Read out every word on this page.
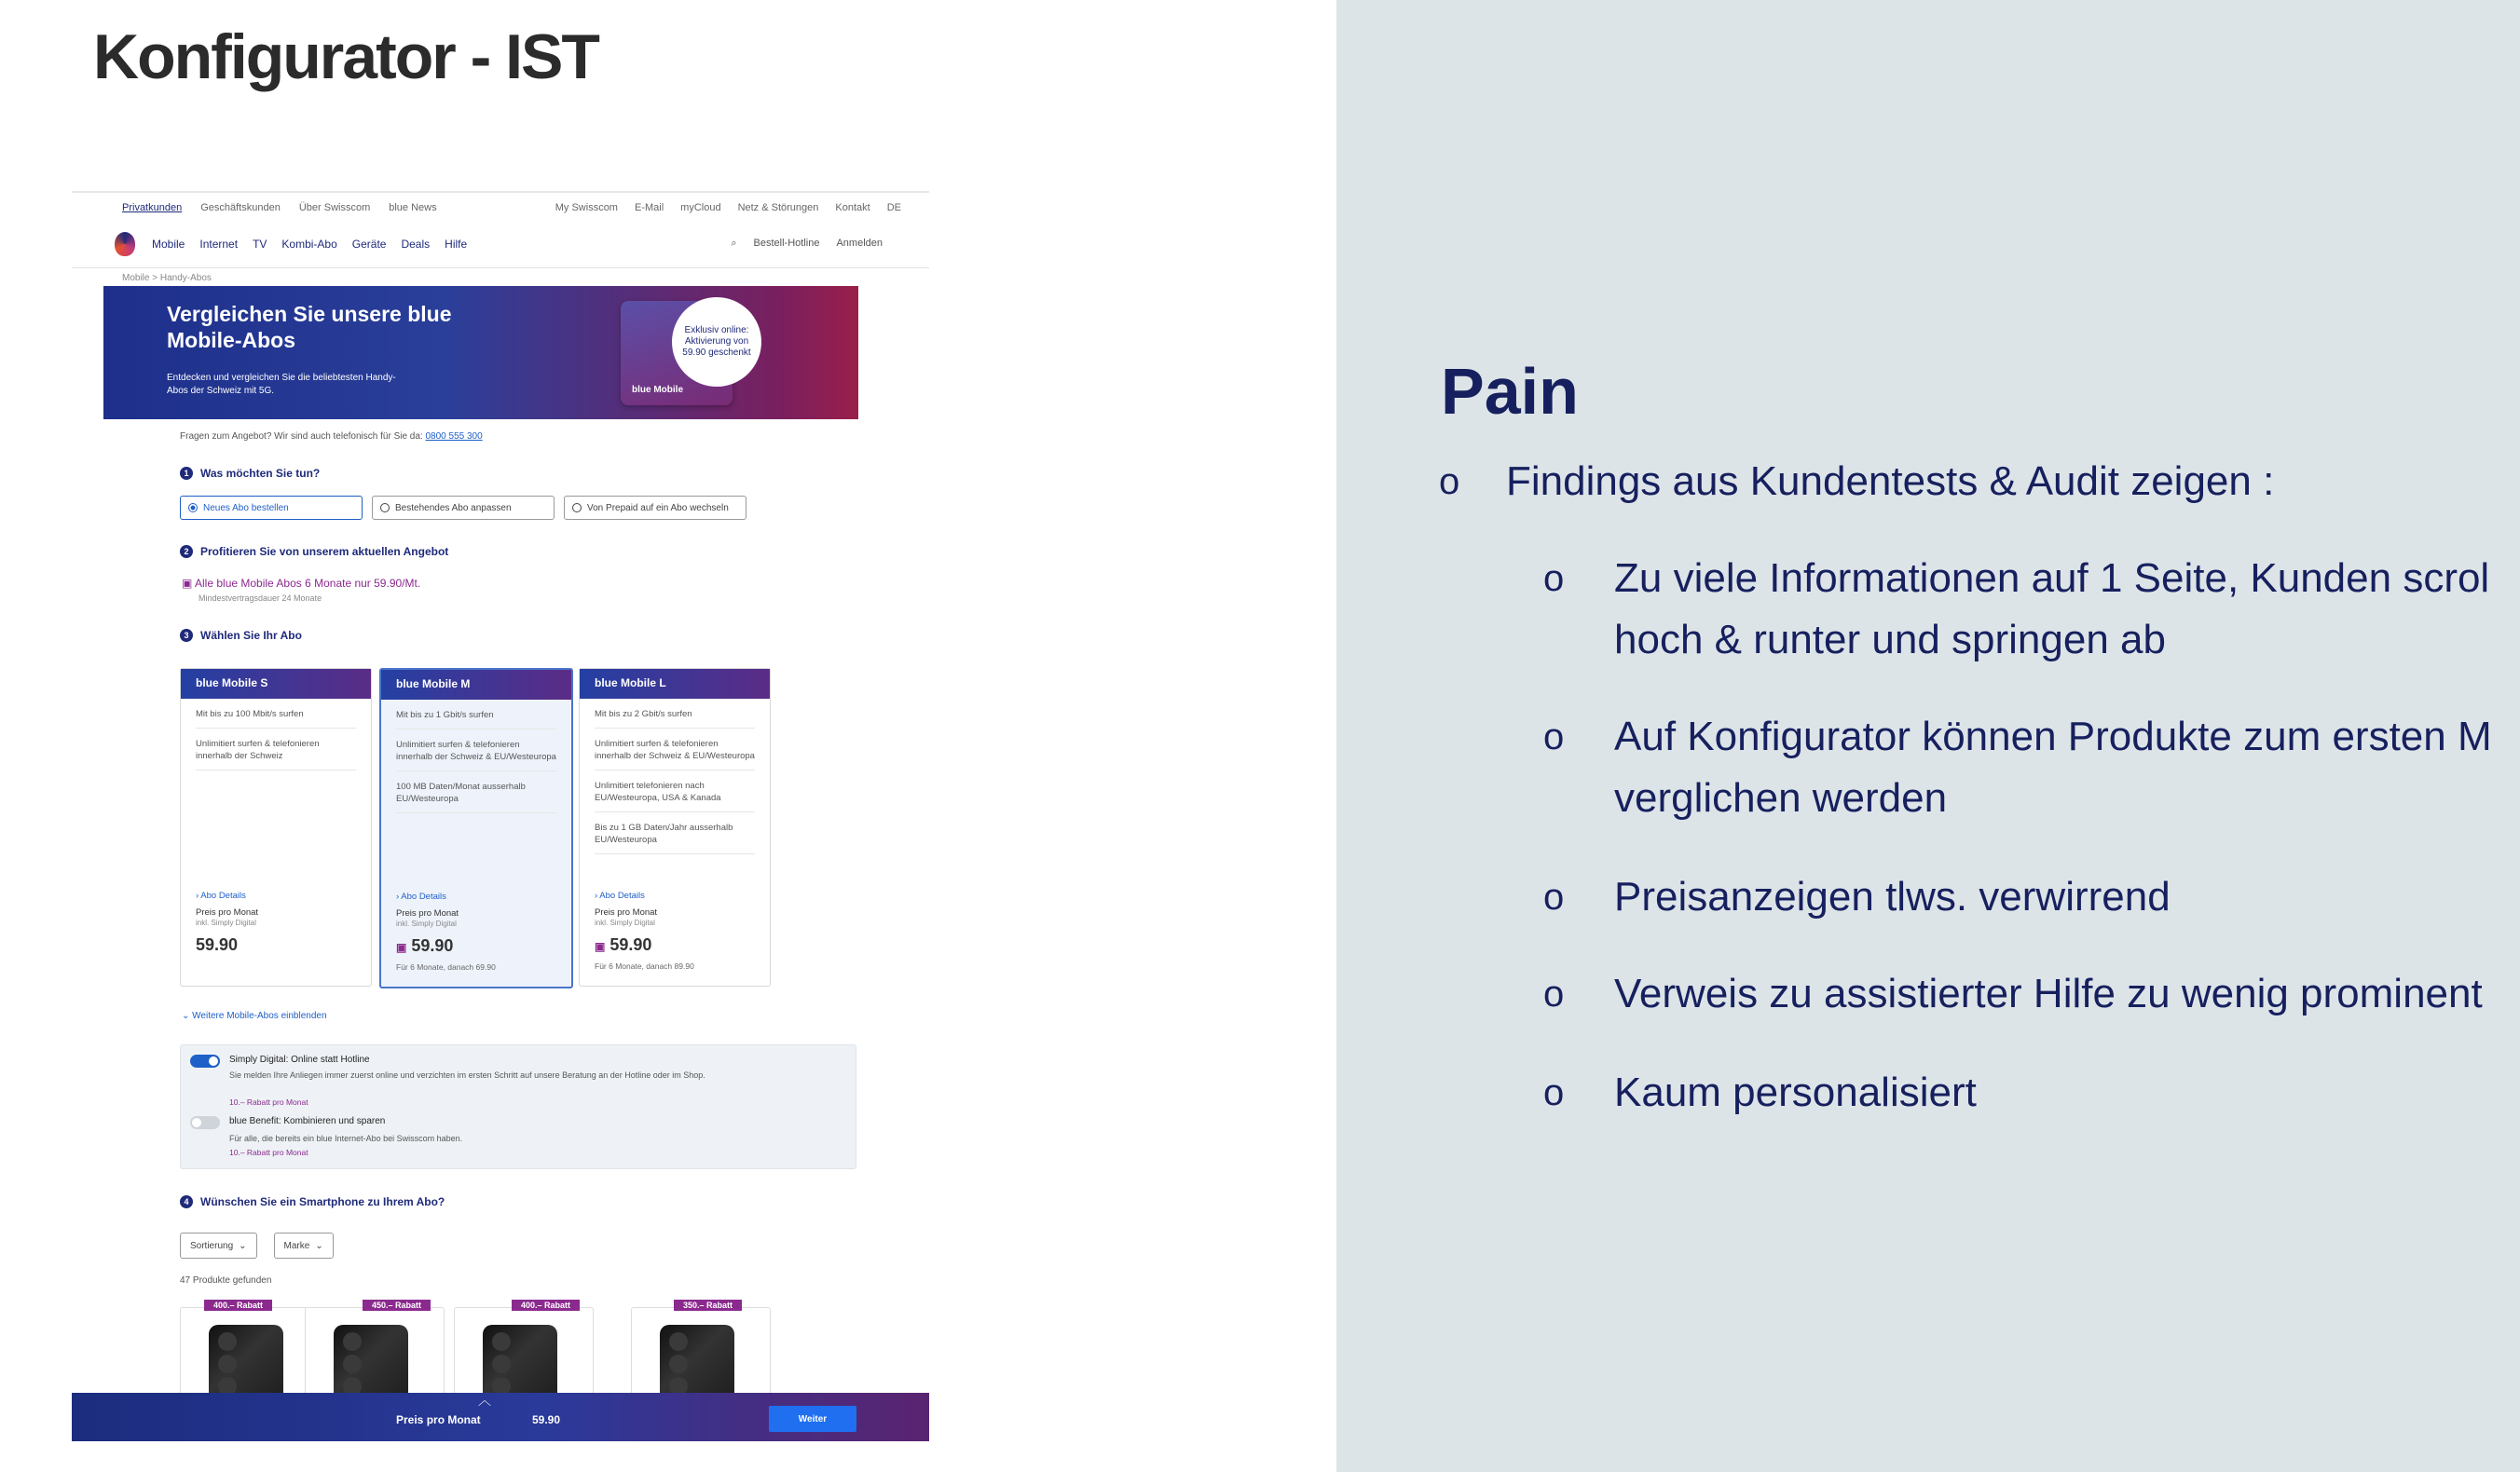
Konfigurator - IST
Privatkunden Geschäftskunden Über Swisscom blue News	My Swisscom E-Mail myCloud Netz & Störungen Kontakt DE
Mobile Internet TV Kombi-Abo Geräte Deals Hilfe	⌕ Bestell-Hotline Anmelden
Mobile > Handy-Abos
Vergleichen Sie unsere blue Mobile-Abos
Entdecken und vergleichen Sie die beliebtesten Handy-Abos der Schweiz mit 5G.	blue Mobile
Exklusiv online: Aktivierung von 59.90 geschenkt
Fragen zum Angebot? Wir sind auch telefonisch für Sie da: 0800 555 300
1	Was möchten Sie tun?
Neues Abo bestellen	Bestehendes Abo anpassen	Von Prepaid auf ein Abo wechseln
2	Profitieren Sie von unserem aktuellen Angebot
▣ Alle blue Mobile Abos 6 Monate nur 59.90/Mt.
Mindestvertragsdauer 24 Monate
3	Wählen Sie Ihr Abo
blue Mobile S
Mit bis zu 100 Mbit/s surfen
Unlimitiert surfen & telefonieren innerhalb der Schweiz
› Abo Details
Preis pro Monat
inkl. Simply Digital
59.90
blue Mobile M
Mit bis zu 1 Gbit/s surfen
Unlimitiert surfen & telefonieren innerhalb der Schweiz & EU/Westeuropa
100 MB Daten/Monat ausserhalb EU/Westeuropa
› Abo Details
Preis pro Monat
inkl. Simply Digital
▣ 59.90
Für 6 Monate, danach 69.90
blue Mobile L
Mit bis zu 2 Gbit/s surfen
Unlimitiert surfen & telefonieren innerhalb der Schweiz & EU/Westeuropa
Unlimitiert telefonieren nach EU/Westeuropa, USA & Kanada
Bis zu 1 GB Daten/Jahr ausserhalb EU/Westeuropa
› Abo Details
Preis pro Monat
inkl. Simply Digital
▣ 59.90
Für 6 Monate, danach 89.90
⌄ Weitere Mobile-Abos einblenden
Simply Digital: Online statt Hotline
Sie melden Ihre Anliegen immer zuerst online und verzichten im ersten Schritt auf unsere Beratung an der Hotline oder im Shop.
10.– Rabatt pro Monat
blue Benefit: Kombinieren und sparen
Für alle, die bereits ein blue Internet-Abo bei Swisscom haben.
10.– Rabatt pro Monat
4	Wünschen Sie ein Smartphone zu Ihrem Abo?
Sortierung ⌄	Marke ⌄
47 Produkte gefunden
400.– Rabatt	450.– Rabatt	400.– Rabatt	350.– Rabatt
︿
Preis pro Monat	59.90	Weiter
Pain
o Findings aus Kundentests & Audit zeigen :
o Zu viele Informationen auf 1 Seite, Kunden scrol
hoch & runter und springen ab
o Auf Konfigurator können Produkte zum ersten M
verglichen werden
o Preisanzeigen tlws. verwirrend
o Verweis zu assistierter Hilfe zu wenig prominent
o Kaum personalisiert
